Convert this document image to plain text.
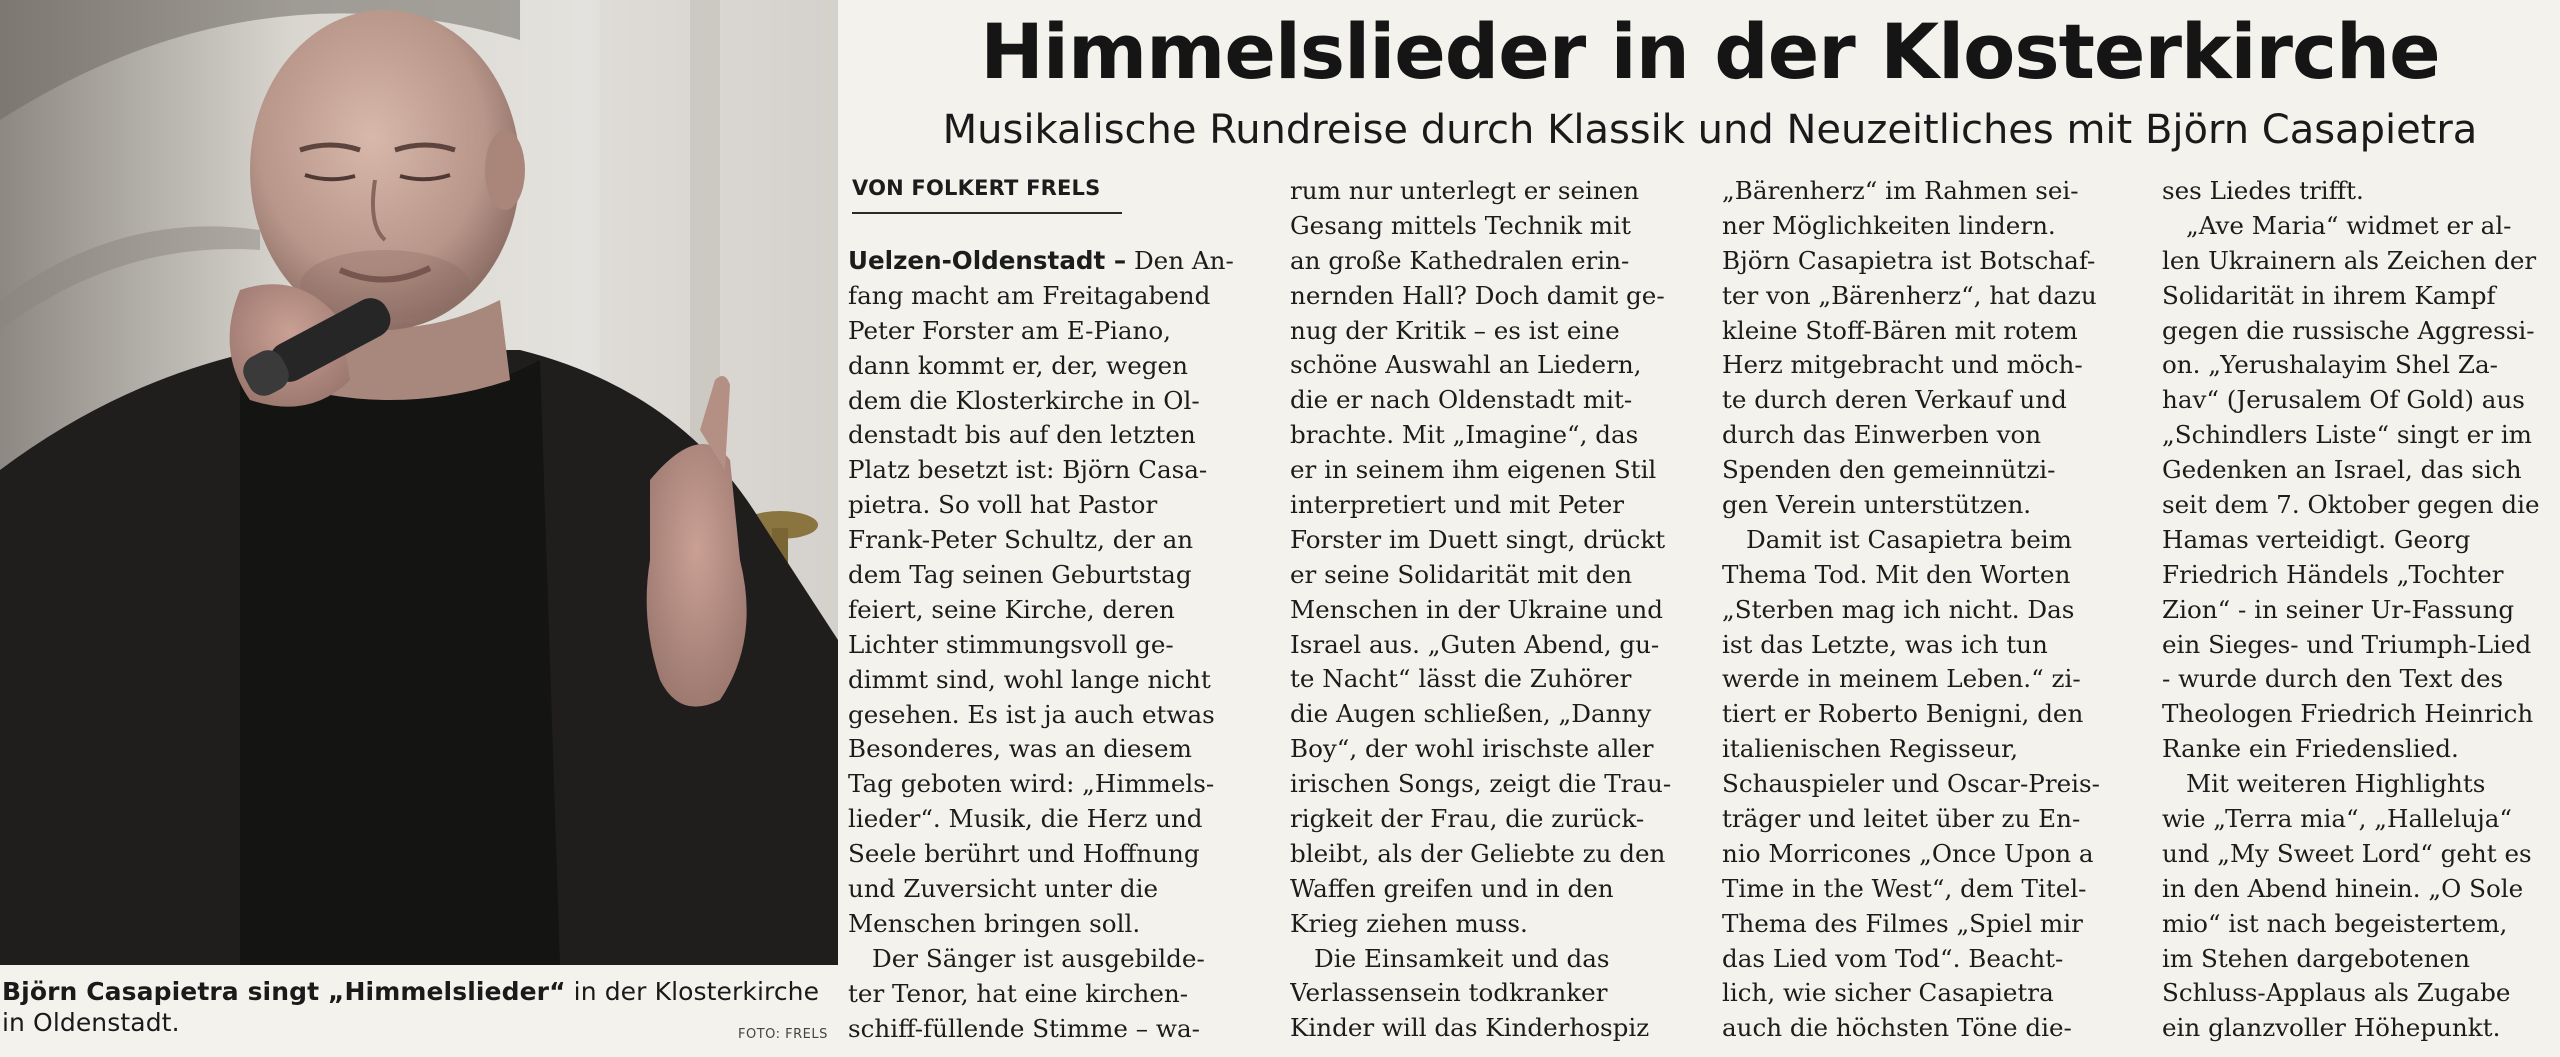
Björn Casapietra singt „Himmelslieder“ in der Klosterkirche
in Oldenstadt.	FOTO: FRELS
Himmelslieder in der Klosterkirche
Musikalische Rundreise durch Klassik und Neuzeitliches mit Björn Casapietra
VON FOLKERT FRELS
Uelzen-Oldenstadt – Den An-
fang macht am Freitagabend
Peter Forster am E-Piano,
dann kommt er, der, wegen
dem die Klosterkirche in Ol-
denstadt bis auf den letzten
Platz besetzt ist: Björn Casa-
pietra. So voll hat Pastor
Frank-Peter Schultz, der an
dem Tag seinen Geburtstag
feiert, seine Kirche, deren
Lichter stimmungsvoll ge-
dimmt sind, wohl lange nicht
gesehen. Es ist ja auch etwas
Besonderes, was an diesem
Tag geboten wird: „Himmels-
lieder“. Musik, die Herz und
Seele berührt und Hoffnung
und Zuversicht unter die
Menschen bringen soll.
Der Sänger ist ausgebilde-
ter Tenor, hat eine kirchen-
schiff-füllende Stimme – wa-
rum nur unterlegt er seinen
Gesang mittels Technik mit
an große Kathedralen erin-
nernden Hall? Doch damit ge-
nug der Kritik – es ist eine
schöne Auswahl an Liedern,
die er nach Oldenstadt mit-
brachte. Mit „Imagine“, das
er in seinem ihm eigenen Stil
interpretiert und mit Peter
Forster im Duett singt, drückt
er seine Solidarität mit den
Menschen in der Ukraine und
Israel aus. „Guten Abend, gu-
te Nacht“ lässt die Zuhörer
die Augen schließen, „Danny
Boy“, der wohl irischste aller
irischen Songs, zeigt die Trau-
rigkeit der Frau, die zurück-
bleibt, als der Geliebte zu den
Waffen greifen und in den
Krieg ziehen muss.
Die Einsamkeit und das
Verlassensein todkranker
Kinder will das Kinderhospiz
„Bärenherz“ im Rahmen sei-
ner Möglichkeiten lindern.
Björn Casapietra ist Botschaf-
ter von „Bärenherz“, hat dazu
kleine Stoff-Bären mit rotem
Herz mitgebracht und möch-
te durch deren Verkauf und
durch das Einwerben von
Spenden den gemeinnützi-
gen Verein unterstützen.
Damit ist Casapietra beim
Thema Tod. Mit den Worten
„Sterben mag ich nicht. Das
ist das Letzte, was ich tun
werde in meinem Leben.“ zi-
tiert er Roberto Benigni, den
italienischen Regisseur,
Schauspieler und Oscar-Preis-
träger und leitet über zu En-
nio Morricones „Once Upon a
Time in the West“, dem Titel-
Thema des Filmes „Spiel mir
das Lied vom Tod“. Beacht-
lich, wie sicher Casapietra
auch die höchsten Töne die-
ses Liedes trifft.
„Ave Maria“ widmet er al-
len Ukrainern als Zeichen der
Solidarität in ihrem Kampf
gegen die russische Aggressi-
on. „Yerushalayim Shel Za-
hav“ (Jerusalem Of Gold) aus
„Schindlers Liste“ singt er im
Gedenken an Israel, das sich
seit dem 7. Oktober gegen die
Hamas verteidigt. Georg
Friedrich Händels „Tochter
Zion“ - in seiner Ur-Fassung
ein Sieges- und Triumph-Lied
- wurde durch den Text des
Theologen Friedrich Heinrich
Ranke ein Friedenslied.
Mit weiteren Highlights
wie „Terra mia“, „Halleluja“
und „My Sweet Lord“ geht es
in den Abend hinein. „O Sole
mio“ ist nach begeistertem,
im Stehen dargebotenen
Schluss-Applaus als Zugabe
ein glanzvoller Höhepunkt.
